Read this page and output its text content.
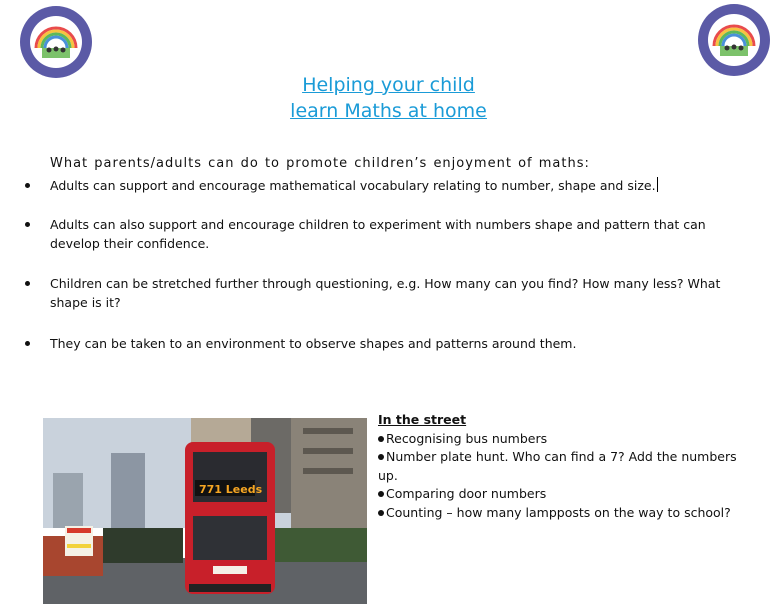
Helping your child
learn Maths at home
What parents/adults can do to promote children’s enjoyment of maths:
Adults can support and encourage mathematical vocabulary relating to number, shape and size.
Adults can also support and encourage children to experiment with numbers shape and pattern that can develop their confidence.
Children can be stretched further through questioning, e.g. How many can you find? How many less? What shape is it?
They can be taken to an environment to observe shapes and patterns around them.
771 Leeds
In the street
Recognising bus numbers
Number plate hunt. Who can find a 7? Add the numbers up.
Comparing door numbers
Counting – how many lampposts on the way to school?
